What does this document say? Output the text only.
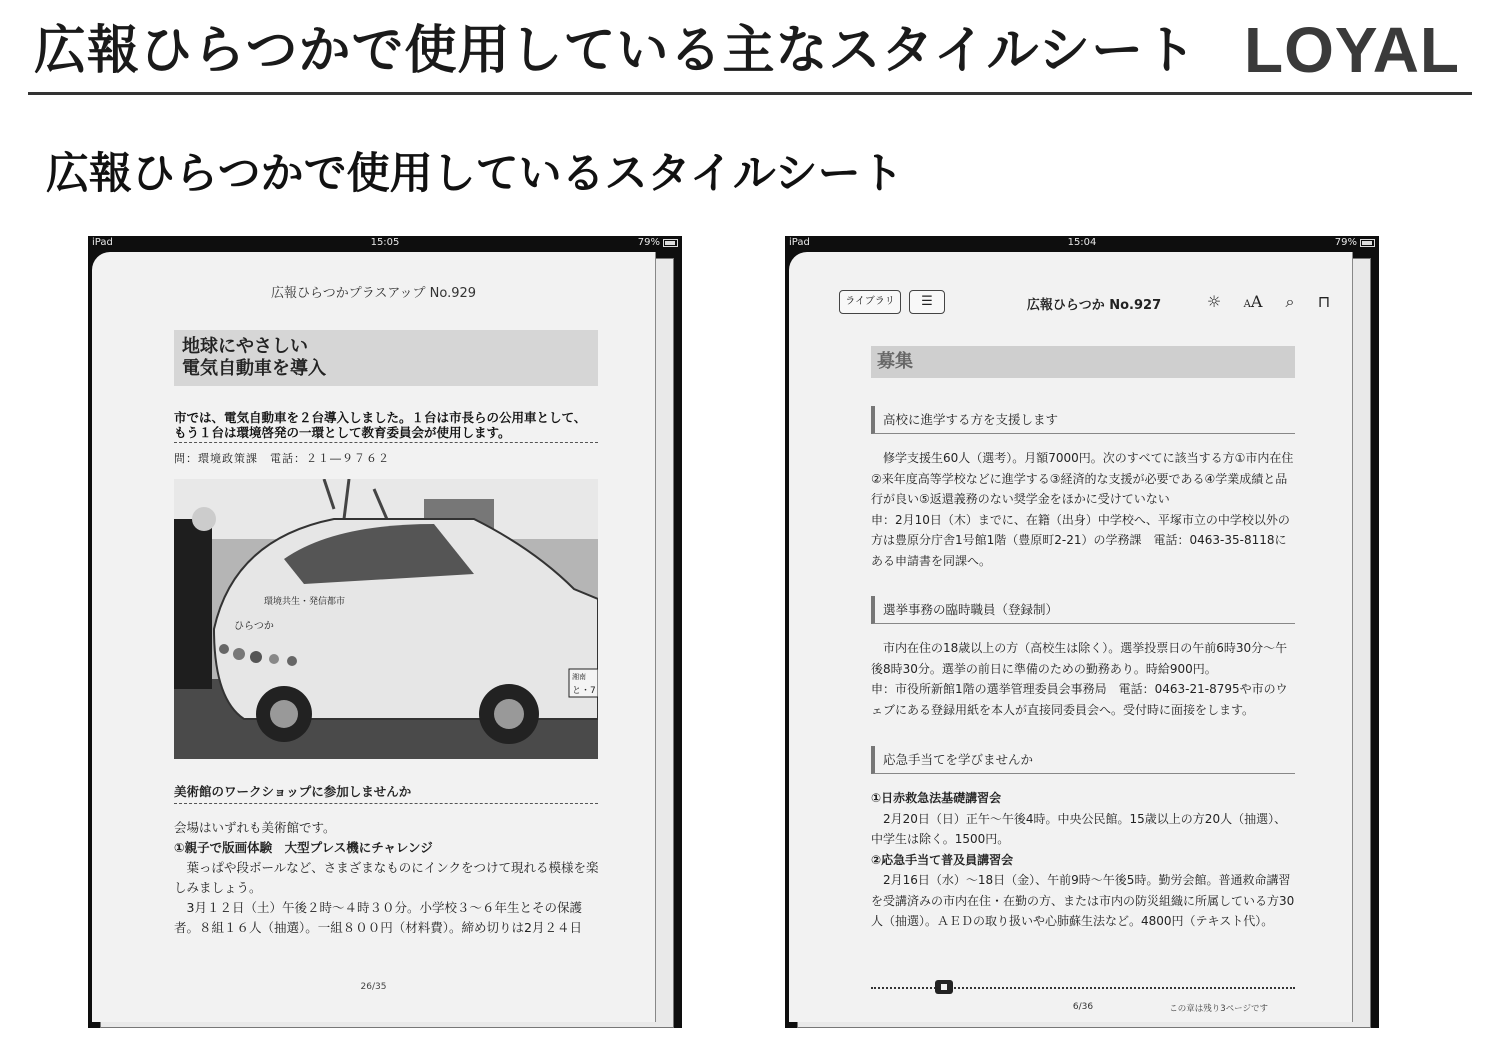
広報ひらつかで使用している主なスタイルシート LOYAL
広報ひらつかで使用しているスタイルシート
iPad	15:05	79%
広報ひらつかプラスアップ No.929
地球にやさしい
電気自動車を導入
市では、電気自動車を２台導入しました。１台は市長らの公用車として、もう１台は環境啓発の一環として教育委員会が使用します。
問：環境政策課　電話：２１―９７６２
環境共生・発信都市
ひらつか
湘南
と・7
美術館のワークショップに参加しませんか

会場はいずれも美術館です。

①親子で版画体験　大型プレス機にチャレンジ

葉っぱや段ボールなど、さまざまなものにインクをつけて現れる模様を楽しみましょう。

3月１２日（土）午後２時～４時３０分。小学校３～６年生とその保護者。８組１６人（抽選）。一組８００円（材料費）。締め切りは2月２４日

26/35
iPad	15:04	79%
ライブラリ	☰	広報ひらつか No.927	☼	AA	⌕	⊓
募集
高校に進学する方を支援します

修学支援生60人（選考）。月額7000円。次のすべてに該当する方①市内在住②来年度高等学校などに進学する③経済的な支援が必要である④学業成績と品行が良い⑤返還義務のない奨学金をほかに受けていない

申：2月10日（木）までに、在籍（出身）中学校へ、平塚市立の中学校以外の方は豊原分庁舎1号館1階（豊原町2-21）の学務課　電話：0463-35-8118にある申請書を同課へ。

選挙事務の臨時職員（登録制）

市内在住の18歳以上の方（高校生は除く）。選挙投票日の午前6時30分～午後8時30分。選挙の前日に準備のための勤務あり。時給900円。

申：市役所新館1階の選挙管理委員会事務局　電話：0463-21-8795や市のウェブにある登録用紙を本人が直接同委員会へ。受付時に面接をします。

応急手当てを学びませんか

①日赤救急法基礎講習会

2月20日（日）正午～午後4時。中央公民館。15歳以上の方20人（抽選）、中学生は除く。1500円。

②応急手当て普及員講習会

2月16日（水）～18日（金）、午前9時～午後5時。勤労会館。普通救命講習を受講済みの市内在住・在勤の方、または市内の防災組織に所属している方30人（抽選）。ＡＥＤの取り扱いや心肺蘇生法など。4800円（テキスト代）。

6/36	この章は残り3ページです
